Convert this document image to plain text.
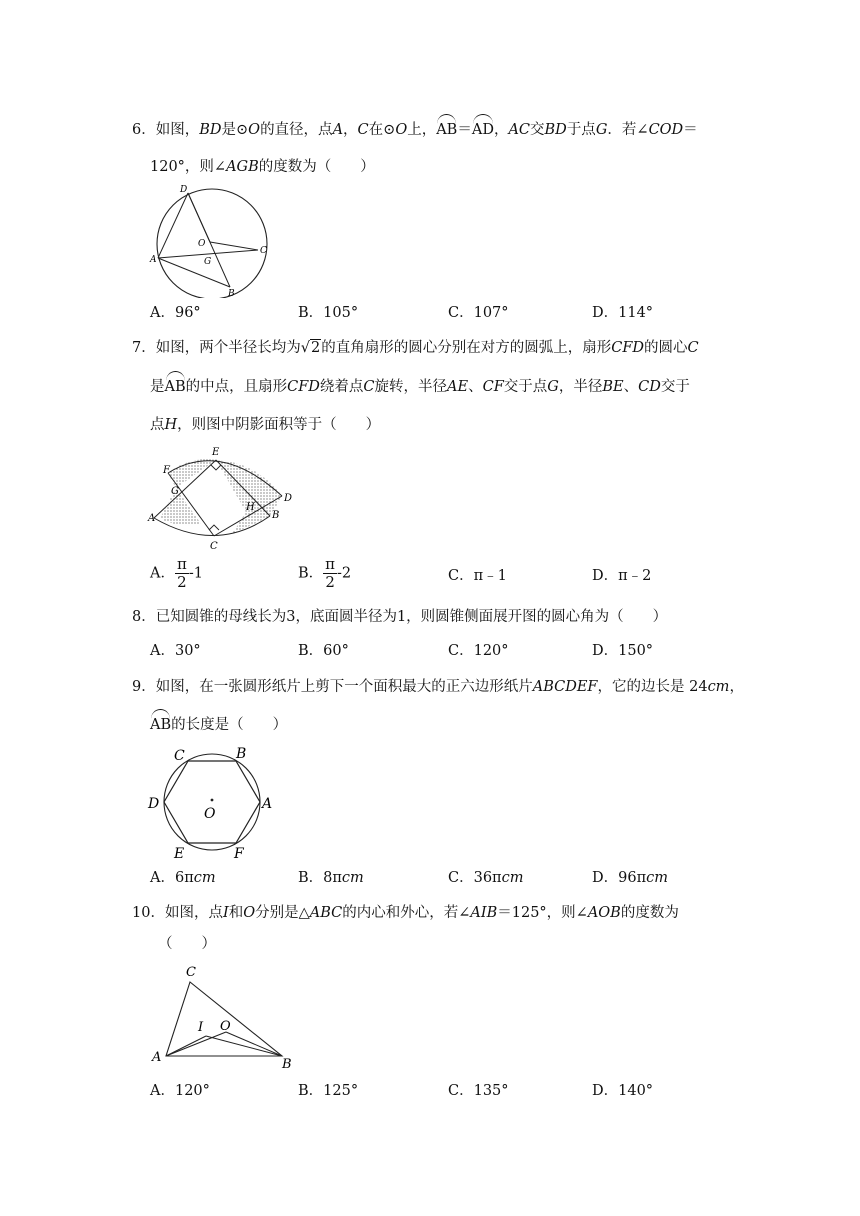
6．如图，BD是⊙O的直径，点A，C在⊙O上，AB＝AD，AC交BD于点G．若∠COD＝
120°，则∠AGB的度数为（　　）
D
O
C
A	G
B
A．96°	B．105°	C．107°	D．114°
7．如图，两个半径长均为√2的直角扇形的圆心分别在对方的圆弧上，扇形CFD的圆心C
是AB的中点，且扇形CFD绕着点C旋转，半径AE、CF交于点G，半径BE、CD交于
点H，则图中阴影面积等于（　　）
E
F
G
D
H
B
A
C
A． $\frac{\pi}{2} -1$	B． $\frac{\pi}{2} -2$	C．π﹣1	D．π﹣2
8．已知圆锥的母线长为3，底面圆半径为1，则圆锥侧面展开图的圆心角为（　　）
A．30°	B．60°	C．120°	D．150°
9．如图，在一张圆形纸片上剪下一个面积最大的正六边形纸片ABCDEF，它的边长是 24cm，
AB的长度是（　　）
C	B
D
O
A
E	F
A．6πcm	B．8πcm	C．36πcm	D．96πcm
10．如图，点I和O分别是△ABC的内心和外心，若∠AIB＝125°，则∠AOB的度数为
（　　）
C
I O
A	B
A．120°	B．125°	C．135°	D．140°
